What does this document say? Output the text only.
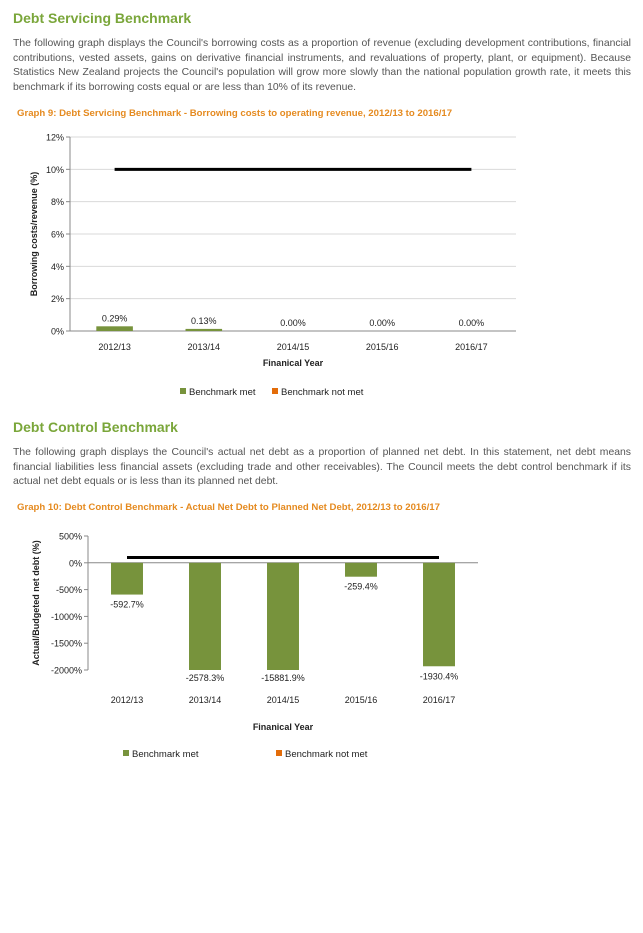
Debt Servicing Benchmark

The following graph displays the Council's borrowing costs as a proportion of revenue (excluding development contributions, financial contributions, vested assets, gains on derivative financial instruments, and revaluations of property, plant, or equipment). Because Statistics New Zealand projects the Council's population will grow more slowly than the national population growth rate, it meets this benchmark if its borrowing costs equal or are less than 10% of its revenue.

Graph 9: Debt Servicing Benchmark - Borrowing costs to operating revenue, 2012/13 to 2016/17

0%
2%
4%
6%
8%
10%
12%
0.29%
2012/13
0.13%
2013/14
0.00%
2014/15
0.00%
2015/16
0.00%
2016/17
Finanical Year
Borrowing costs/revenue (%)
Benchmark met	Benchmark not met
Debt Control Benchmark

The following graph displays the Council's actual net debt as a proportion of planned net debt. In this statement, net debt means financial liabilities less financial assets (excluding trade and other receivables). The Council meets the debt control benchmark if its actual net debt equals or is less than its planned net debt.

Graph 10: Debt Control Benchmark - Actual Net Debt to Planned Net Debt, 2012/13 to 2016/17

500%
0%
-500%
-1000%
-1500%
-2000%
-592.7%
2012/13
-2578.3%
2013/14
-15881.9%
2014/15
-259.4%
2015/16
-1930.4%
2016/17
Finanical Year
Actual/Budgeted net debt (%)
Benchmark met	Benchmark not met
